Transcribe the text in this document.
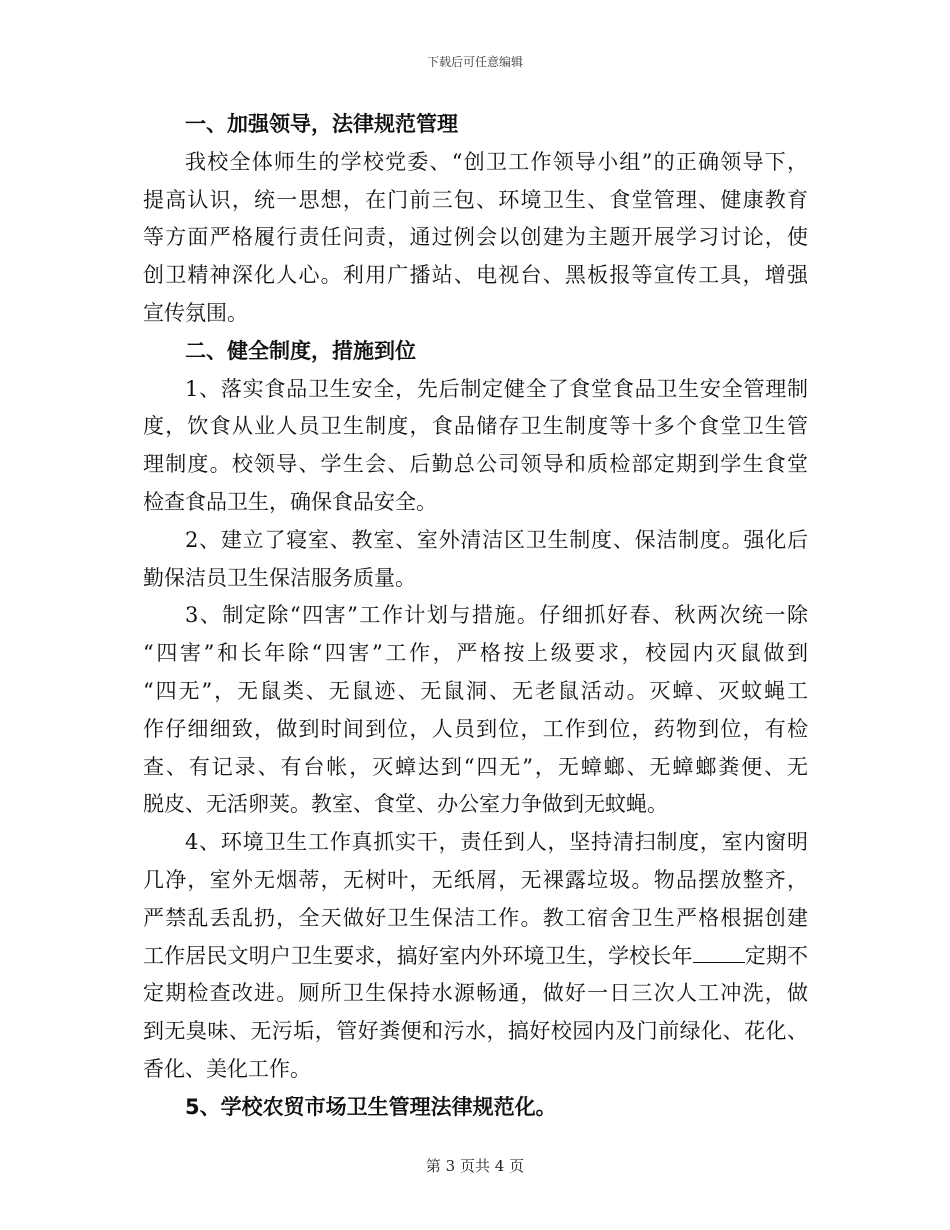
下载后可任意编辑
一、加强领导，法律规范管理
我校全体师生的学校党委、“创卫工作领导小组”的正确领导下，
提高认识，统一思想，在门前三包、环境卫生、食堂管理、健康教育
等方面严格履行责任问责，通过例会以创建为主题开展学习讨论，使
创卫精神深化人心。利用广播站、电视台、黑板报等宣传工具，增强
宣传氛围。
二、健全制度，措施到位
1、落实食品卫生安全，先后制定健全了食堂食品卫生安全管理制
度，饮食从业人员卫生制度，食品储存卫生制度等十多个食堂卫生管
理制度。校领导、学生会、后勤总公司领导和质检部定期到学生食堂
检查食品卫生，确保食品安全。
2、建立了寝室、教室、室外清洁区卫生制度、保洁制度。强化后
勤保洁员卫生保洁服务质量。
3、制定除“四害”工作计划与措施。仔细抓好春、秋两次统一除
“四害”和长年除“四害”工作，严格按上级要求，校园内灭鼠做到
“四无”，无鼠类、无鼠迹、无鼠洞、无老鼠活动。灭蟑、灭蚊蝇工
作仔细细致，做到时间到位，人员到位，工作到位，药物到位，有检
查、有记录、有台帐，灭蟑达到“四无”，无蟑螂、无蟑螂粪便、无
脱皮、无活卵荚。教室、食堂、办公室力争做到无蚊蝇。
4、环境卫生工作真抓实干，责任到人，坚持清扫制度，室内窗明
几净，室外无烟蒂，无树叶，无纸屑，无裸露垃圾。物品摆放整齐，
严禁乱丢乱扔，全天做好卫生保洁工作。教工宿舍卫生严格根据创建
工作居民文明户卫生要求，搞好室内外环境卫生，学校长年 定期不
定期检查改进。厕所卫生保持水源畅通，做好一日三次人工冲洗，做
到无臭味、无污垢，管好粪便和污水，搞好校园内及门前绿化、花化、
香化、美化工作。
5、学校农贸市场卫生管理法律规范化。
第 3 页共 4 页
